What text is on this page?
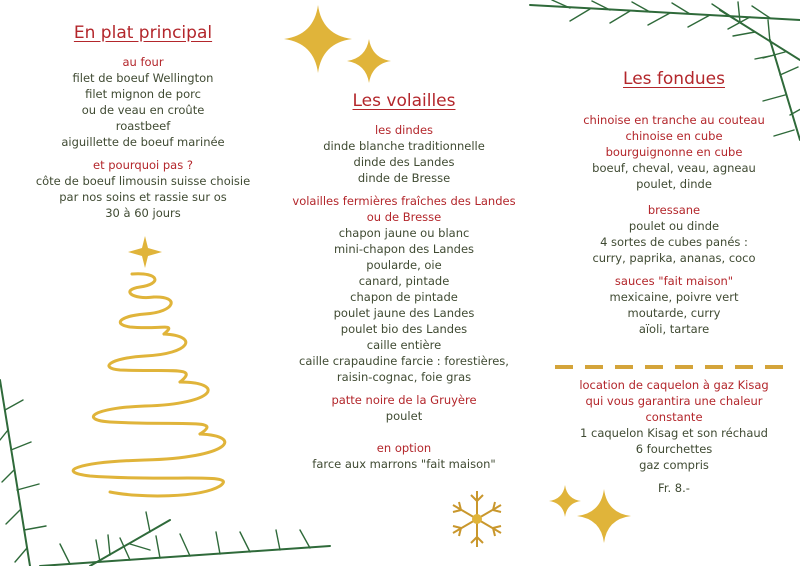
En plat principal

au four

filet de boeuf Wellington

filet mignon de porc

ou de veau en croûte

roastbeef

aiguillette de boeuf marinée

et pourquoi pas ?

côte de boeuf limousin suisse choisie

par nos soins et rassie sur os

30 à 60 jours

Les volailles

les dindes

dinde blanche traditionnelle

dinde des Landes

dinde de Bresse

volailles fermières fraîches des Landes

ou de Bresse

chapon jaune ou blanc

mini-chapon des Landes

poularde, oie

canard, pintade

chapon de pintade

poulet jaune des Landes

poulet bio des Landes

caille entière

caille crapaudine farcie : forestières,

raisin-cognac, foie gras

patte noire de la Gruyère

poulet

en option

farce aux marrons "fait maison"

Les fondues

chinoise en tranche au couteau

chinoise en cube

bourguignonne en cube

boeuf, cheval, veau, agneau

poulet, dinde

bressane

poulet ou dinde

4 sortes de cubes panés :

curry, paprika, ananas, coco

sauces "fait maison"

mexicaine, poivre vert

moutarde, curry

aïoli, tartare

location de caquelon à gaz Kisag

qui vous garantira une chaleur

constante

1 caquelon Kisag et son réchaud

6 fourchettes

gaz compris

Fr. 8.-
